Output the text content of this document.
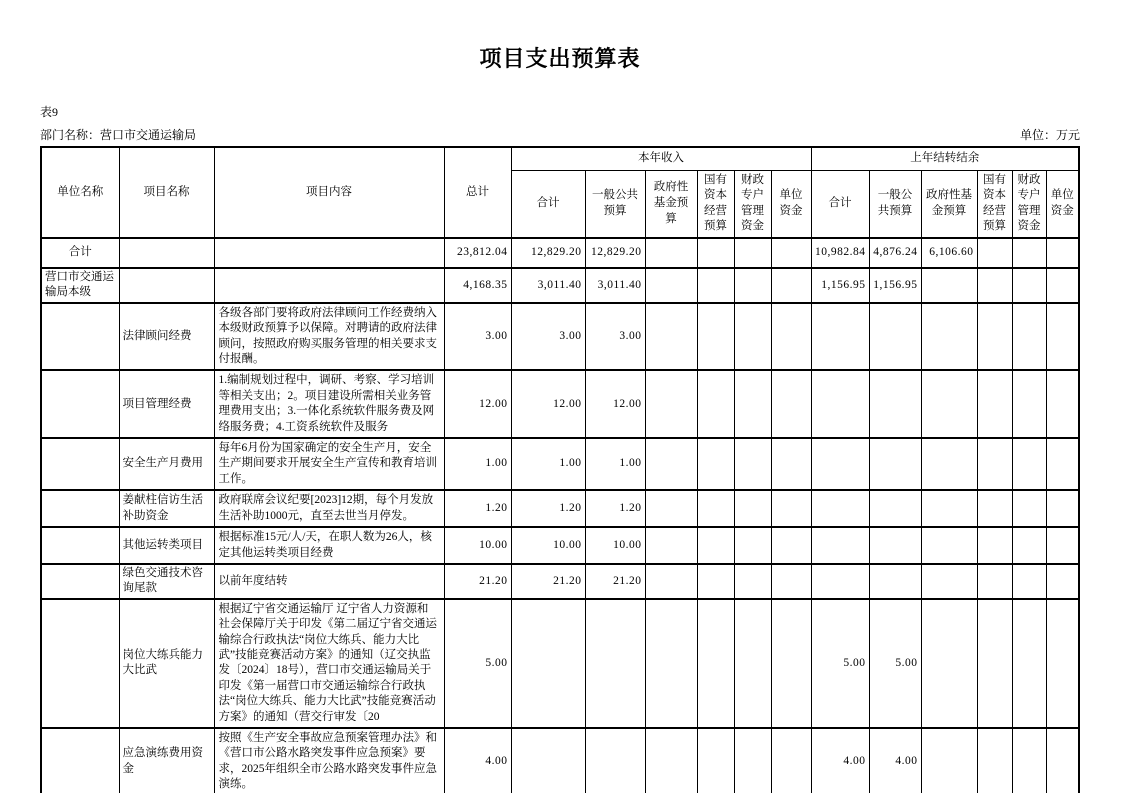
项目支出预算表
表9
部门名称：营口市交通运输局	单位：万元
单位名称	项目名称	项目内容	总计	本年收入						上年结转结余					
				合计	一般公共预算	政府性基金预算	国有资本经营预算	财政专户管理资金	单位资金	合计	一般公共预算	政府性基金预算	国有资本经营预算	财政专户管理资金	单位资金
合计			23,812.04	12,829.20	12,829.20					10,982.84	4,876.24	6,106.60			
营口市交通运输局本级			4,168.35	3,011.40	3,011.40					1,156.95	1,156.95				
	法律顾问经费	各级各部门要将政府法律顾问工作经费纳入本级财政预算予以保障。对聘请的政府法律顾问，按照政府购买服务管理的相关要求支付报酬。	3.00	3.00	3.00										
	项目管理经费	1.编制规划过程中，调研、考察、学习培训等相关支出；2。项目建设所需相关业务管理费用支出；3.一体化系统软件服务费及网络服务费；4.工资系统软件及服务	12.00	12.00	12.00										
	安全生产月费用	每年6月份为国家确定的安全生产月，安全生产期间要求开展安全生产宣传和教育培训工作。	1.00	1.00	1.00										
	姜献柱信访生活补助资金	政府联席会议纪要[2023]12期，每个月发放生活补助1000元，直至去世当月停发。	1.20	1.20	1.20										
	其他运转类项目	根据标准15元/人/天，在职人数为26人，核定其他运转类项目经费	10.00	10.00	10.00										
	绿色交通技术咨询尾款	以前年度结转	21.20	21.20	21.20										
	岗位大练兵能力大比武	根据辽宁省交通运输厅 辽宁省人力资源和社会保障厅关于印发《第二届辽宁省交通运输综合行政执法“岗位大练兵、能力大比武”技能竞赛活动方案》的通知（辽交执监发〔2024〕18号），营口市交通运输局关于印发《第一届营口市交通运输综合行政执法“岗位大练兵、能力大比武”技能竞赛活动方案》的通知（营交行审发〔20	5.00							5.00	5.00				
	应急演练费用资金	按照《生产安全事故应急预案管理办法》和《营口市公路水路突发事件应急预案》要求，2025年组织全市公路水路突发事件应急演练。	4.00							4.00	4.00				
